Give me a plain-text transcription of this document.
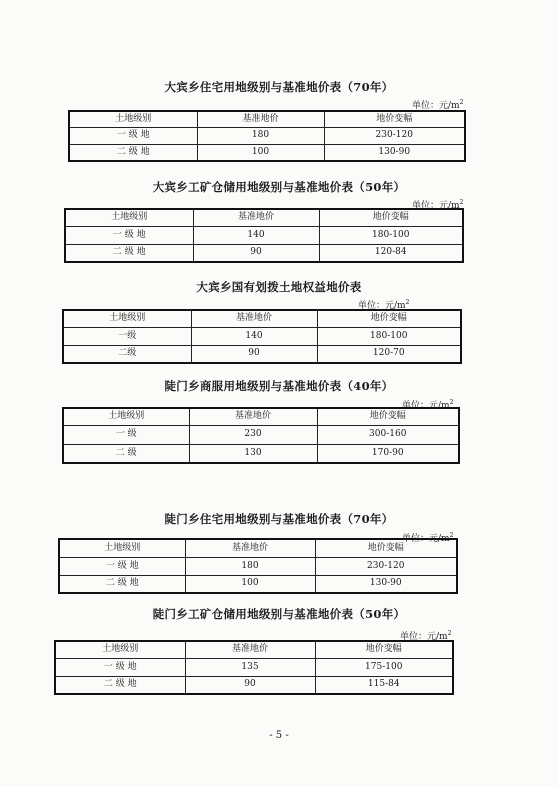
大宾乡住宅用地级别与基准地价表（70年）
单位：元$/m^2$
土地级别	基准地价	地价变幅
一 级 地	180	230-120
二 级 地	100	130-90
大宾乡工矿仓储用地级别与基准地价表（50年）
单位：元$/m^2$
土地级别	基准地价	地价变幅
一 级 地	140	180-100
二 级 地	90	120-84
大宾乡国有划拨土地权益地价表
单位：元$/m^2$
土地级别	基准地价	地价变幅
一级	140	180-100
二级	90	120-70
陡门乡商服用地级别与基准地价表（40年）
单位：元$/m^2$
土地级别	基准地价	地价变幅
一 级	230	300-160
二 级	130	170-90
陡门乡住宅用地级别与基准地价表（70年）
单位：元$/m^2$
土地级别	基准地价	地价变幅
一 级 地	180	230-120
二 级 地	100	130-90
陡门乡工矿仓储用地级别与基准地价表（50年）
单位：元$/m^2$
土地级别	基准地价	地价变幅
一 级 地	135	175-100
二 级 地	90	115-84
- 5 -
